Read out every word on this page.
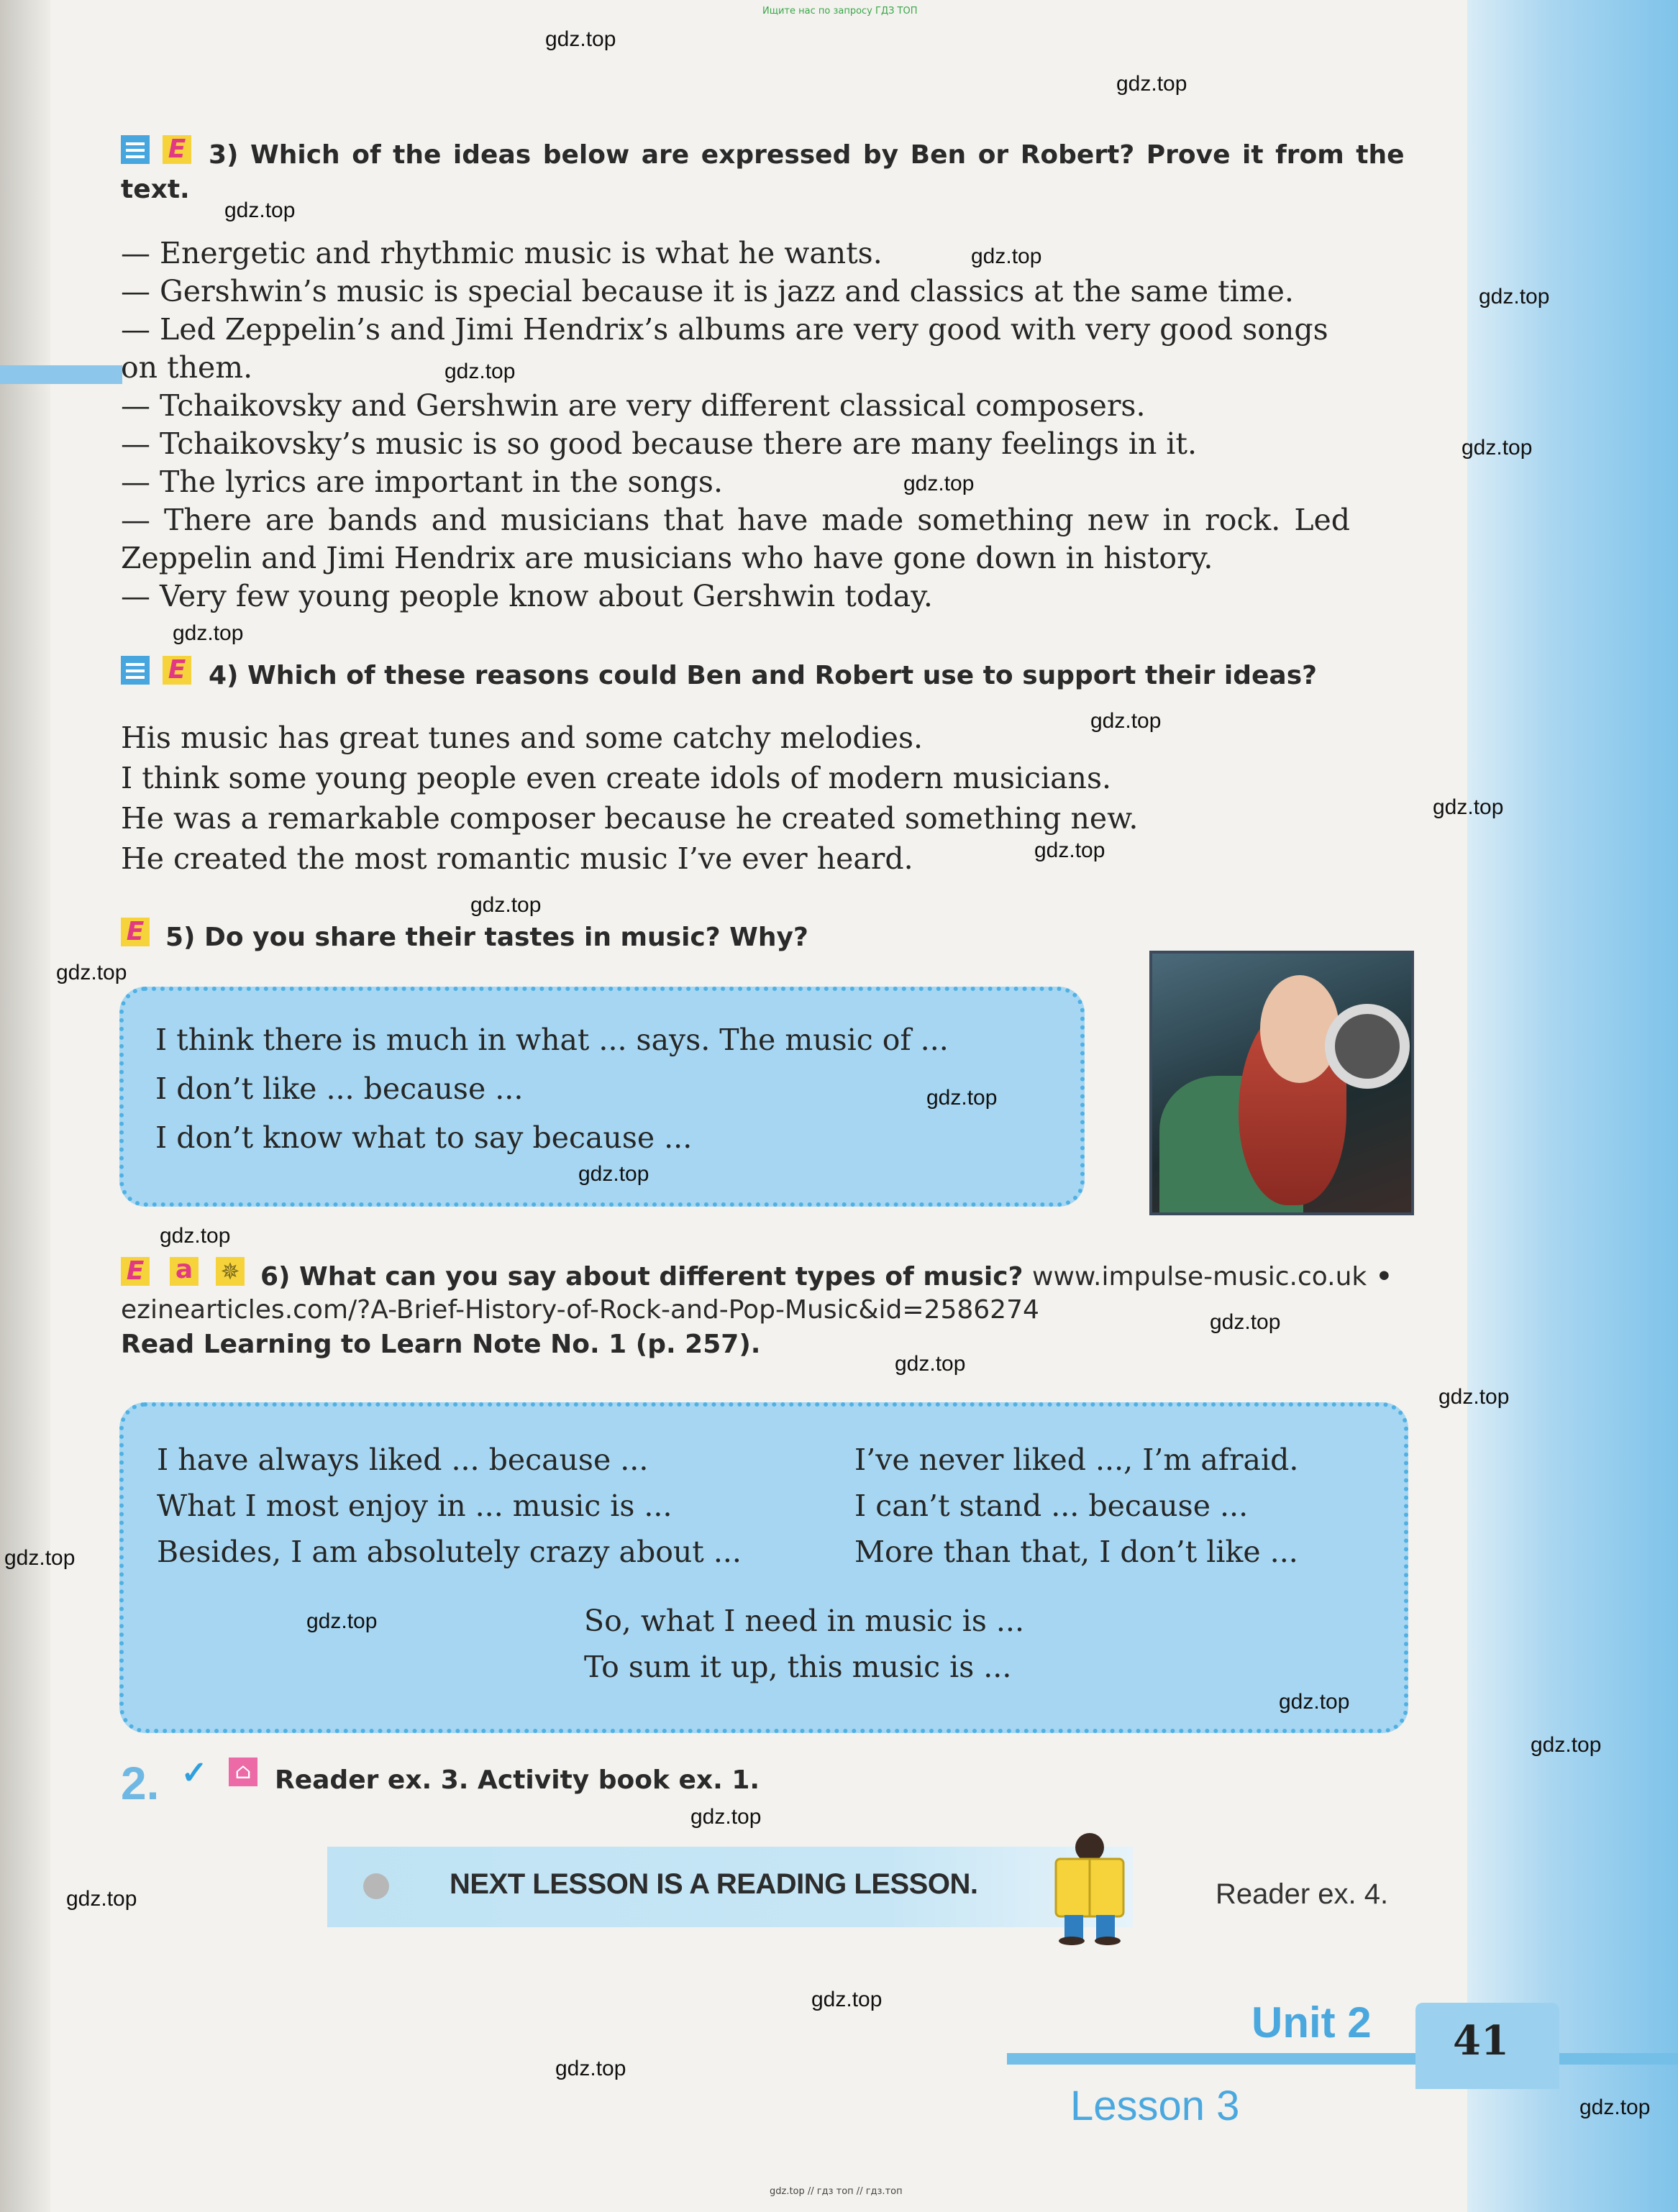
Ищите нас по запросу ГДЗ ТОП
E 3) Which of the ideas below are expressed by Ben or Robert? Prove it from the
text.
— Energetic and rhythmic music is what he wants.
— Gershwin’s music is special because it is jazz and classics at the same time.
— Led Zeppelin’s and Jimi Hendrix’s albums are very good with very good songs
on them.
— Tchaikovsky and Gershwin are very different classical composers.
— Tchaikovsky’s music is so good because there are many feelings in it.
— The lyrics are important in the songs.
— There are bands and musicians that have made something new in rock. Led
Zeppelin and Jimi Hendrix are musicians who have gone down in history.
— Very few young people know about Gershwin today.
E 4) Which of these reasons could Ben and Robert use to support their ideas?
His music has great tunes and some catchy melodies.
I think some young people even create idols of modern musicians.
He was a remarkable composer because he created something new.
He created the most romantic music I’ve ever heard.
E 5) Do you share their tastes in music? Why?
I think there is much in what ... says. The music of ...
I don’t like ... because ...
I don’t know what to say because ...
E a ✵ 6) What can you say about different types of music? www.impulse-music.co.uk •
ezinearticles.com/?A-Brief-History-of-Rock-and-Pop-Music&id=2586274
Read Learning to Learn Note No. 1 (p. 257).
I have always liked ... because ...
What I most enjoy in ... music is ...
Besides, I am absolutely crazy about ...
I’ve never liked ..., I’m afraid.
I can’t stand ... because ...
More than that, I don’t like ...
So, what I need in music is ...
To sum it up, this music is ...
2. ✓ ⌂ Reader ex. 3. Activity book ex. 1.
NEXT LESSON IS A READING LESSON.	Reader ex. 4.
Unit 2
Lesson 3
41
gdz.top // гдз топ // гдз.топ
gdz.top
gdz.top
gdz.top
gdz.top
gdz.top
gdz.top
gdz.top
gdz.top
gdz.top
gdz.top
gdz.top
gdz.top
gdz.top
gdz.top
gdz.top
gdz.top
gdz.top
gdz.top
gdz.top
gdz.top
gdz.top
gdz.top
gdz.top
gdz.top
gdz.top
gdz.top
gdz.top
gdz.top
gdz.top
